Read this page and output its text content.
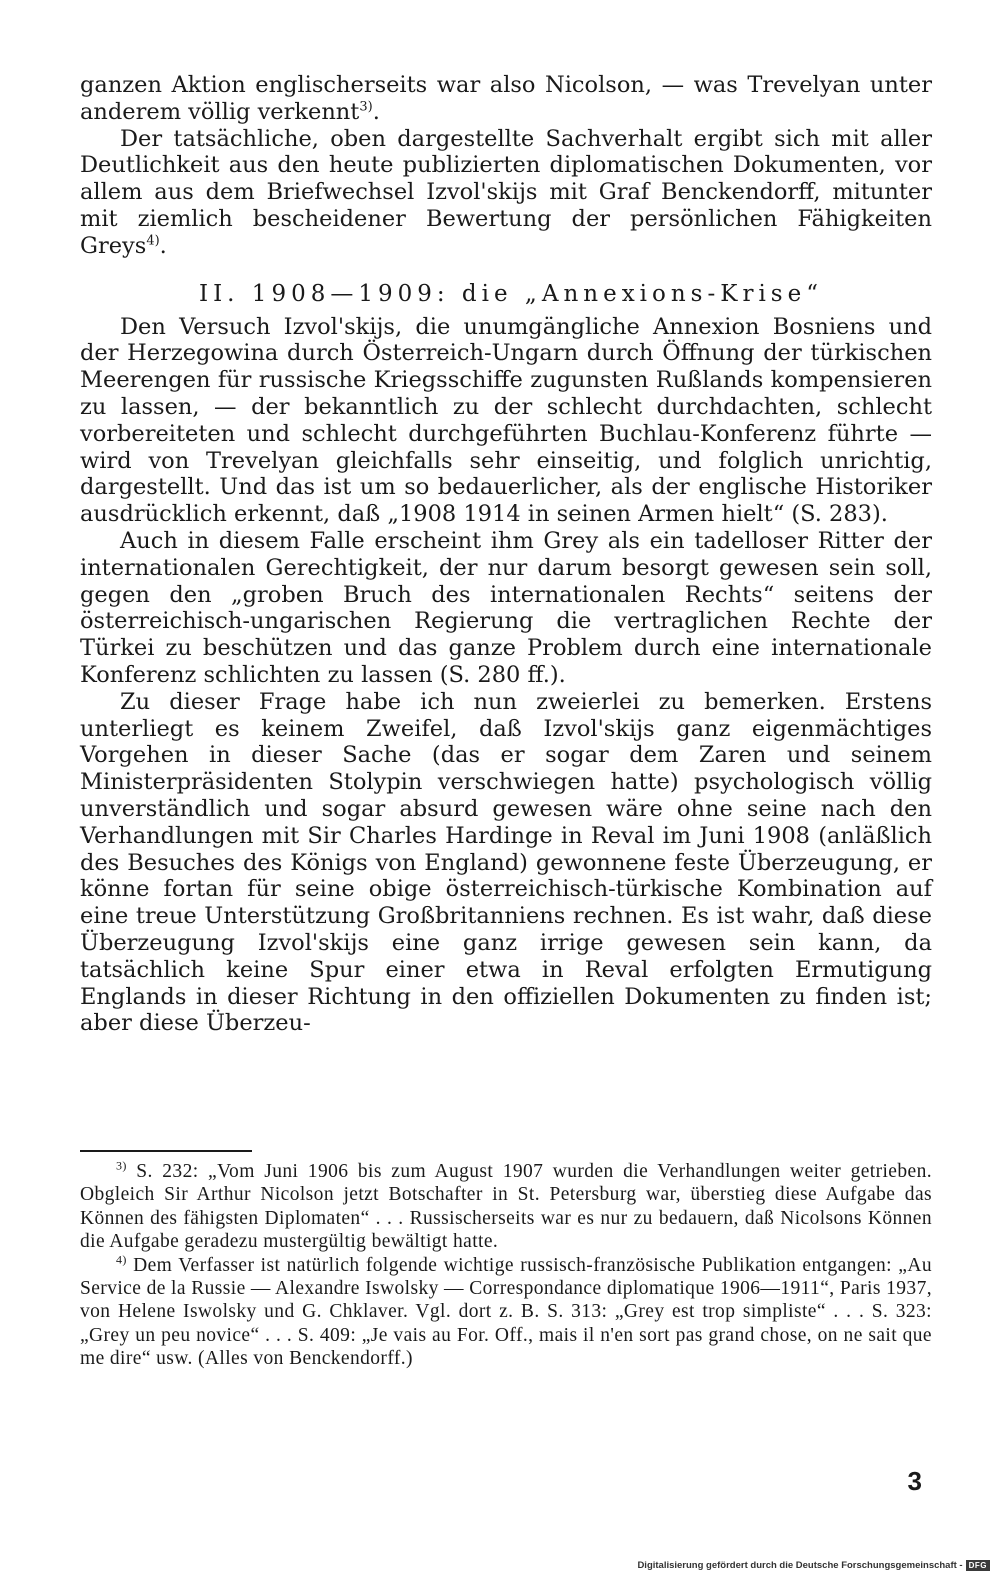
ganzen Aktion englischerseits war also Nicolson, — was Trevelyan unter anderem völlig verkennt$^{3)}$.

Der tatsächliche, oben dargestellte Sachverhalt ergibt sich mit aller Deutlichkeit aus den heute publizierten diplomatischen Dokumenten, vor allem aus dem Briefwechsel Izvol'skijs mit Graf Benckendorff, mitunter mit ziemlich bescheidener Bewertung der persönlichen Fähigkeiten Greys$^{4)}$.

II. 1908—1909: die „Annexions-Krise“

Den Versuch Izvol'skijs, die unumgängliche Annexion Bosniens und der Herzegowina durch Österreich-Ungarn durch Öffnung der türkischen Meerengen für russische Kriegsschiffe zugunsten Rußlands kompensieren zu lassen, — der bekanntlich zu der schlecht durchdachten, schlecht vorbereiteten und schlecht durchgeführten Buchlau-Konferenz führte — wird von Trevelyan gleichfalls sehr einseitig, und folglich unrichtig, dargestellt. Und das ist um so bedauerlicher, als der englische Historiker ausdrücklich erkennt, daß „1908 1914 in seinen Armen hielt“ (S. 283).

Auch in diesem Falle erscheint ihm Grey als ein tadelloser Ritter der internationalen Gerechtigkeit, der nur darum besorgt gewesen sein soll, gegen den „groben Bruch des internationalen Rechts“ seitens der österreichisch-ungarischen Regierung die vertraglichen Rechte der Türkei zu beschützen und das ganze Problem durch eine internationale Konferenz schlichten zu lassen (S. 280 ff.).

Zu dieser Frage habe ich nun zweierlei zu bemerken. Erstens unterliegt es keinem Zweifel, daß Izvol'skijs ganz eigenmächtiges Vorgehen in dieser Sache (das er sogar dem Zaren und seinem Ministerpräsidenten Stolypin verschwiegen hatte) psychologisch völlig unverständlich und sogar absurd gewesen wäre ohne seine nach den Verhandlungen mit Sir Charles Hardinge in Reval im Juni 1908 (anläßlich des Besuches des Königs von England) gewonnene feste Überzeugung, er könne fortan für seine obige österreichisch-türkische Kombination auf eine treue Unterstützung Großbritanniens rechnen. Es ist wahr, daß diese Überzeugung Izvol'skijs eine ganz irrige gewesen sein kann, da tatsächlich keine Spur einer etwa in Reval erfolgten Ermutigung Englands in dieser Richtung in den offiziellen Dokumenten zu finden ist; aber diese Überzeu-

$^{3)}$ S. 232: „Vom Juni 1906 bis zum August 1907 wurden die Verhandlungen weiter getrieben. Obgleich Sir Arthur Nicolson jetzt Botschafter in St. Petersburg war, überstieg diese Aufgabe das Können des fähigsten Diplomaten“ . . . Russischerseits war es nur zu bedauern, daß Nicolsons Können die Aufgabe geradezu mustergültig bewältigt hatte.

$^{4)}$ Dem Verfasser ist natürlich folgende wichtige russisch-französische Publikation entgangen: „Au Service de la Russie — Alexandre Iswolsky — Correspondance diplomatique 1906—1911“, Paris 1937, von Helene Iswolsky und G. Chklaver. Vgl. dort z. B. S. 313: „Grey est trop simpliste“ . . . S. 323: „Grey un peu novice“ . . . S. 409: „Je vais au For. Off., mais il n'en sort pas grand chose, on ne sait que me dire“ usw. (Alles von Benckendorff.)

3
Digitalisierung gefördert durch die Deutsche Forschungsgemeinschaft - DFG
